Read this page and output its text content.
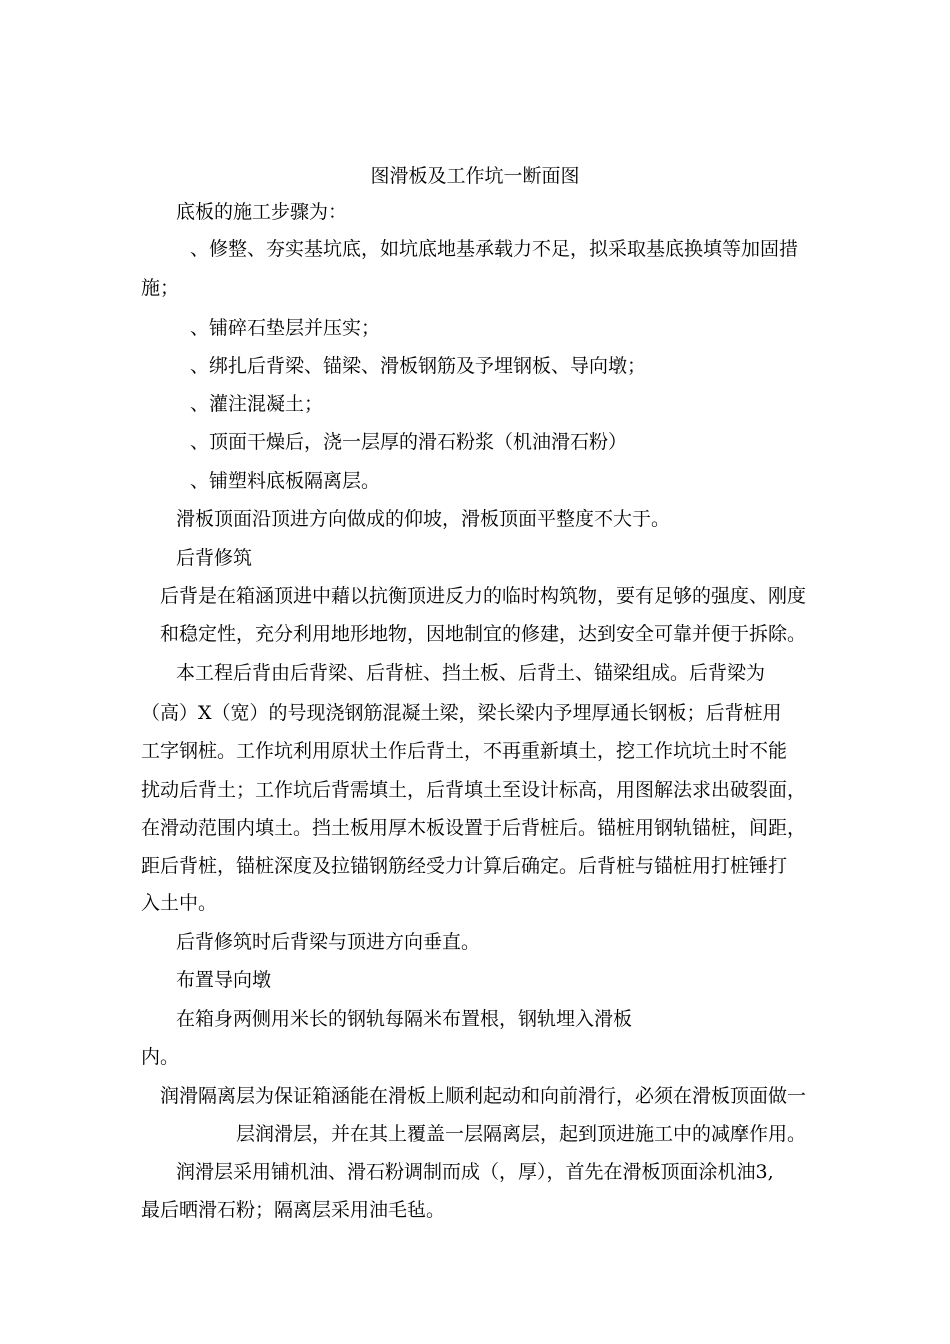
图滑板及工作坑一断面图
底板的施工步骤为：
、修整、夯实基坑底，如坑底地基承载力不足，拟采取基底换填等加固措
施；
、铺碎石垫层并压实；
、绑扎后背梁、锚梁、滑板钢筋及予埋钢板、导向墩；
、灌注混凝土；
、顶面干燥后，浇一层厚的滑石粉浆（机油滑石粉）
、铺塑料底板隔离层。
滑板顶面沿顶进方向做成的仰坡，滑板顶面平整度不大于。
后背修筑
后背是在箱涵顶进中藉以抗衡顶进反力的临时构筑物，要有足够的强度、刚度
和稳定性，充分利用地形地物，因地制宜的修建，达到安全可靠并便于拆除。
本工程后背由后背梁、后背桩、挡土板、后背土、锚梁组成。后背梁为
（高）X（宽）的号现浇钢筋混凝土梁，梁长梁内予埋厚通长钢板；后背桩用
工字钢桩。工作坑利用原状土作后背土，不再重新填土，挖工作坑坑土时不能
扰动后背土；工作坑后背需填土，后背填土至设计标高，用图解法求出破裂面，
在滑动范围内填土。挡土板用厚木板设置于后背桩后。锚桩用钢轨锚桩，间距，
距后背桩，锚桩深度及拉锚钢筋经受力计算后确定。后背桩与锚桩用打桩锤打
入土中。
后背修筑时后背梁与顶进方向垂直。
布置导向墩
在箱身两侧用米长的钢轨每隔米布置根，钢轨埋入滑板
内。
润滑隔离层为保证箱涵能在滑板上顺利起动和向前滑行，必须在滑板顶面做一
层润滑层，并在其上覆盖一层隔离层，起到顶进施工中的减摩作用。
润滑层采用铺机油、滑石粉调制而成（，厚），首先在滑板顶面涂机油3,
最后晒滑石粉；隔离层采用油毛毡。
